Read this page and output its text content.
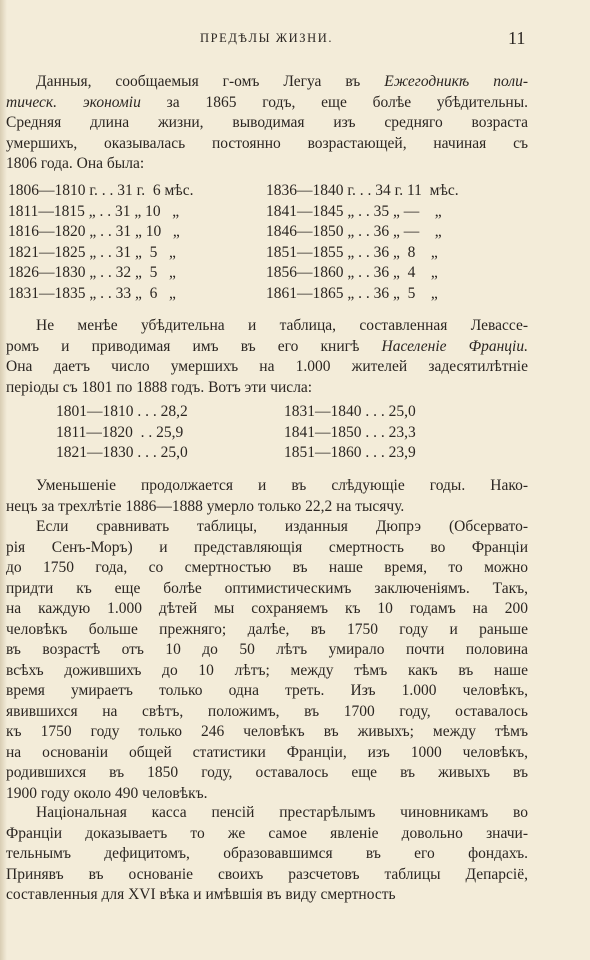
ПРЕДѢЛЫ ЖИЗНИ.	11

Данныя, сообщаемыя г-омъ Легуа въ Ежегодникѣ поли-
тическ. экономіи за 1865 годъ, еще болѣе убѣдительны.
Средняя длина жизни, выводимая изъ средняго возраста
умершихъ, оказывалась постоянно возрастающей, начиная съ
1806 года. Она была:

1806—1810 г. . . 31 г.  6 мѣс.	1836—1840 г. . . 34 г. 11  мѣс.
1811—1815 „ . . 31 „ 10   „	1841—1845 „ . . 35 „ —    „
1816—1820 „ . . 31 „ 10   „	1846—1850 „ . . 36 „ —    „
1821—1825 „ . . 31 „  5   „	1851—1855 „ . . 36 „  8    „
1826—1830 „ . . 32 „  5   „	1856—1860 „ . . 36 „  4    „
1831—1835 „ . . 33 „  6   „	1861—1865 „ . . 36 „  5    „

Не менѣе убѣдительна и таблица, составленная Левассе-
ромъ и приводимая имъ въ его книгѣ Населеніе Франціи.
Она даетъ число умершихъ на 1.000 жителей задесятилѣтніе
періоды съ 1801 по 1888 годъ. Вотъ эти числа:

1801—1810 . . . 28,2	1831—1840 . . . 25,0
1811—1820  . . 25,9	1841—1850 . . . 23,3
1821—1830 . . . 25,0	1851—1860 . . . 23,9

Уменьшеніе продолжается и въ слѣдующіе годы. Нако-
нецъ за трехлѣтіе 1886—1888 умерло только 22,2 на тысячу.

Если сравнивать таблицы, изданныя Дюпрэ (Обсервато-
рія Сенъ-Моръ) и представляющія смертность во Франціи
до 1750 года, со смертностью въ наше время, то можно
придти къ еще болѣе оптимистическимъ заключеніямъ. Такъ,
на каждую 1.000 дѣтей мы сохраняемъ къ 10 годамъ на 200
человѣкъ больше прежняго; далѣе, въ 1750 году и раньше
въ возрастѣ отъ 10 до 50 лѣтъ умирало почти половина
всѣхъ дожившихъ до 10 лѣтъ; между тѣмъ какъ въ наше
время умираетъ только одна треть. Изъ 1.000 человѣкъ,
явившихся на свѣтъ, положимъ, въ 1700 году, оставалось
къ 1750 году только 246 человѣкъ въ живыхъ; между тѣмъ
на основаніи общей статистики Франціи, изъ 1000 человѣкъ,
родившихся въ 1850 году, оставалось еще въ живыхъ въ
1900 году около 490 человѣкъ.

Національная касса пенсій престарѣлымъ чиновникамъ во
Франціи доказываетъ то же самое явленіе довольно значи-
тельнымъ дефицитомъ, образовавшимся въ его фондахъ.
Принявъ въ основаніе своихъ разсчетовъ таблицы Депарсіё,
составленныя для XVI вѣка и имѣвшія въ виду смертность
